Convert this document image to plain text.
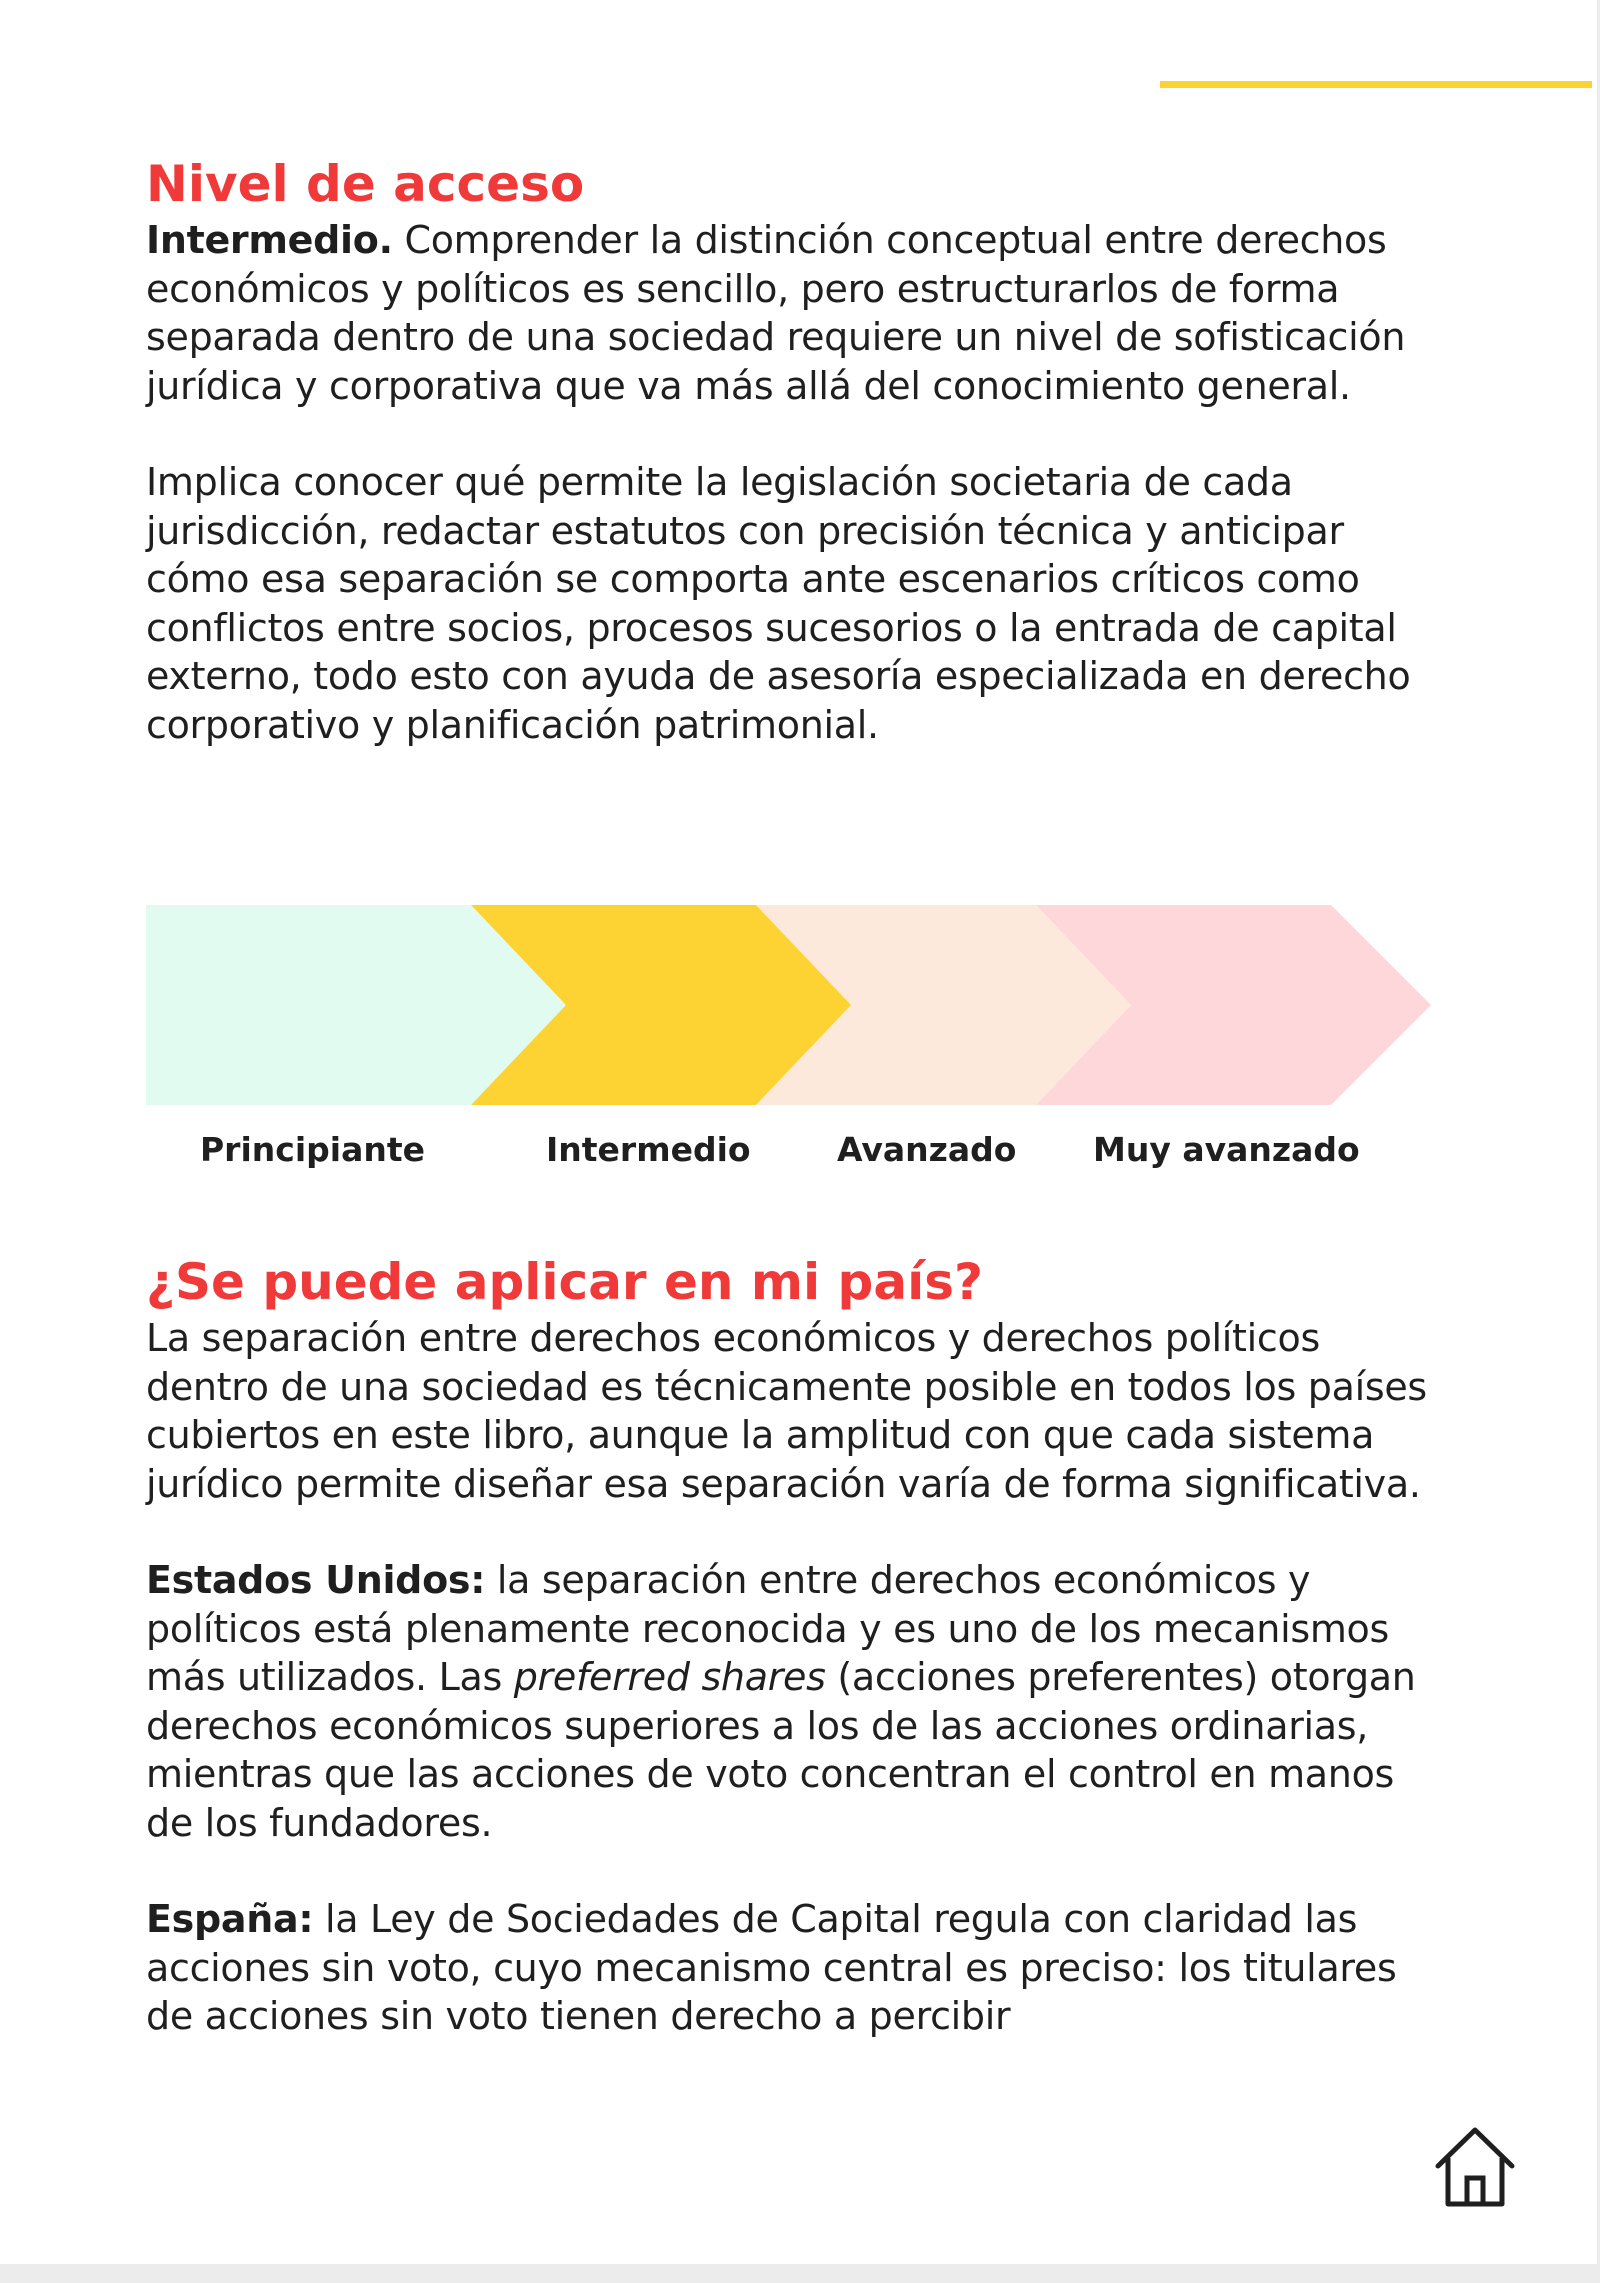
Nivel de acceso

Intermedio. Comprender la distinción conceptual entre derechos económicos y políticos es sencillo, pero estructurarlos de forma separada dentro de una sociedad requiere un nivel de sofisticación jurídica y corporativa que va más allá del conocimiento general.

Implica conocer qué permite la legislación societaria de cada jurisdicción, redactar estatutos con precisión técnica y anticipar cómo esa separación se comporta ante escenarios críticos como conflictos entre socios, procesos sucesorios o la entrada de capital externo, todo esto con ayuda de asesoría especializada en derecho corporativo y planificación patrimonial.

Principiante	Intermedio	Avanzado Muy avanzado
¿Se puede aplicar en mi país?

La separación entre derechos económicos y derechos políticos dentro de una sociedad es técnicamente posible en todos los países cubiertos en este libro, aunque la amplitud con que cada sistema jurídico permite diseñar esa separación varía de forma significativa.

Estados Unidos: la separación entre derechos económicos y políticos está plenamente reconocida y es uno de los mecanismos más utilizados. Las preferred shares (acciones preferentes) otorgan derechos económicos superiores a los de las acciones ordinarias, mientras que las acciones de voto concentran el control en manos de los fundadores.

España: la Ley de Sociedades de Capital regula con claridad las acciones sin voto, cuyo mecanismo central es preciso: los titulares de acciones sin voto tienen derecho a percibir
